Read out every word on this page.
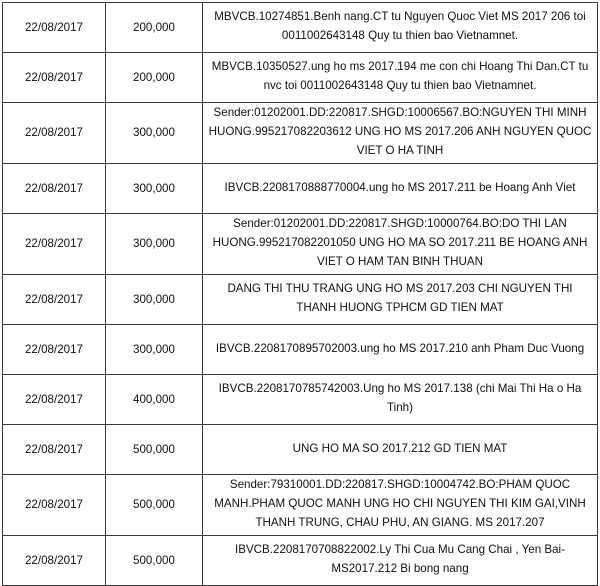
22/08/2017	200,000	MBVCB.10274851.Benh nang.CT tu Nguyen Quoc Viet MS 2017 206 toi 0011002643148 Quy tu thien bao Vietnamnet.
22/08/2017	200,000	MBVCB.10350527.ung ho ms 2017.194 me con chi Hoang Thi Dan.CT tu nvc toi 0011002643148 Quy tu thien bao Vietnamnet.
22/08/2017	300,000	Sender:01202001.DD:220817.SHGD:10006567.BO:NGUYEN THI MINH HUONG.995217082203612 UNG HO MS 2017.206 ANH NGUYEN QUOC VIET O HA TINH
22/08/2017	300,000	IBVCB.2208170888770004.ung ho MS 2017.211 be Hoang Anh Viet
22/08/2017	300,000	Sender:01202001.DD:220817.SHGD:10000764.BO:DO THI LAN HUONG.995217082201050 UNG HO MA SO 2017.211 BE HOANG ANH VIET O HAM TAN BINH THUAN
22/08/2017	300,000	DANG THI THU TRANG UNG HO MS 2017.203 CHI NGUYEN THI THANH HUONG TPHCM GD TIEN MAT
22/08/2017	300,000	IBVCB.2208170895702003.ung ho MS 2017.210 anh Pham Duc Vuong
22/08/2017	400,000	IBVCB.2208170785742003.Ung ho MS 2017.138 (chi Mai Thi Ha o Ha Tinh)
22/08/2017	500,000	UNG HO MA SO 2017.212 GD TIEN MAT
22/08/2017	500,000	Sender:79310001.DD:220817.SHGD:10004742.BO:PHAM QUOC MANH.PHAM QUOC MANH UNG HO CHI NGUYEN THI KIM GAI,VINH THANH TRUNG, CHAU PHU, AN GIANG. MS 2017.207
22/08/2017	500,000	IBVCB.2208170708822002.Ly Thi Cua Mu Cang Chai , Yen Bai- MS2017.212 Bi bong nang
